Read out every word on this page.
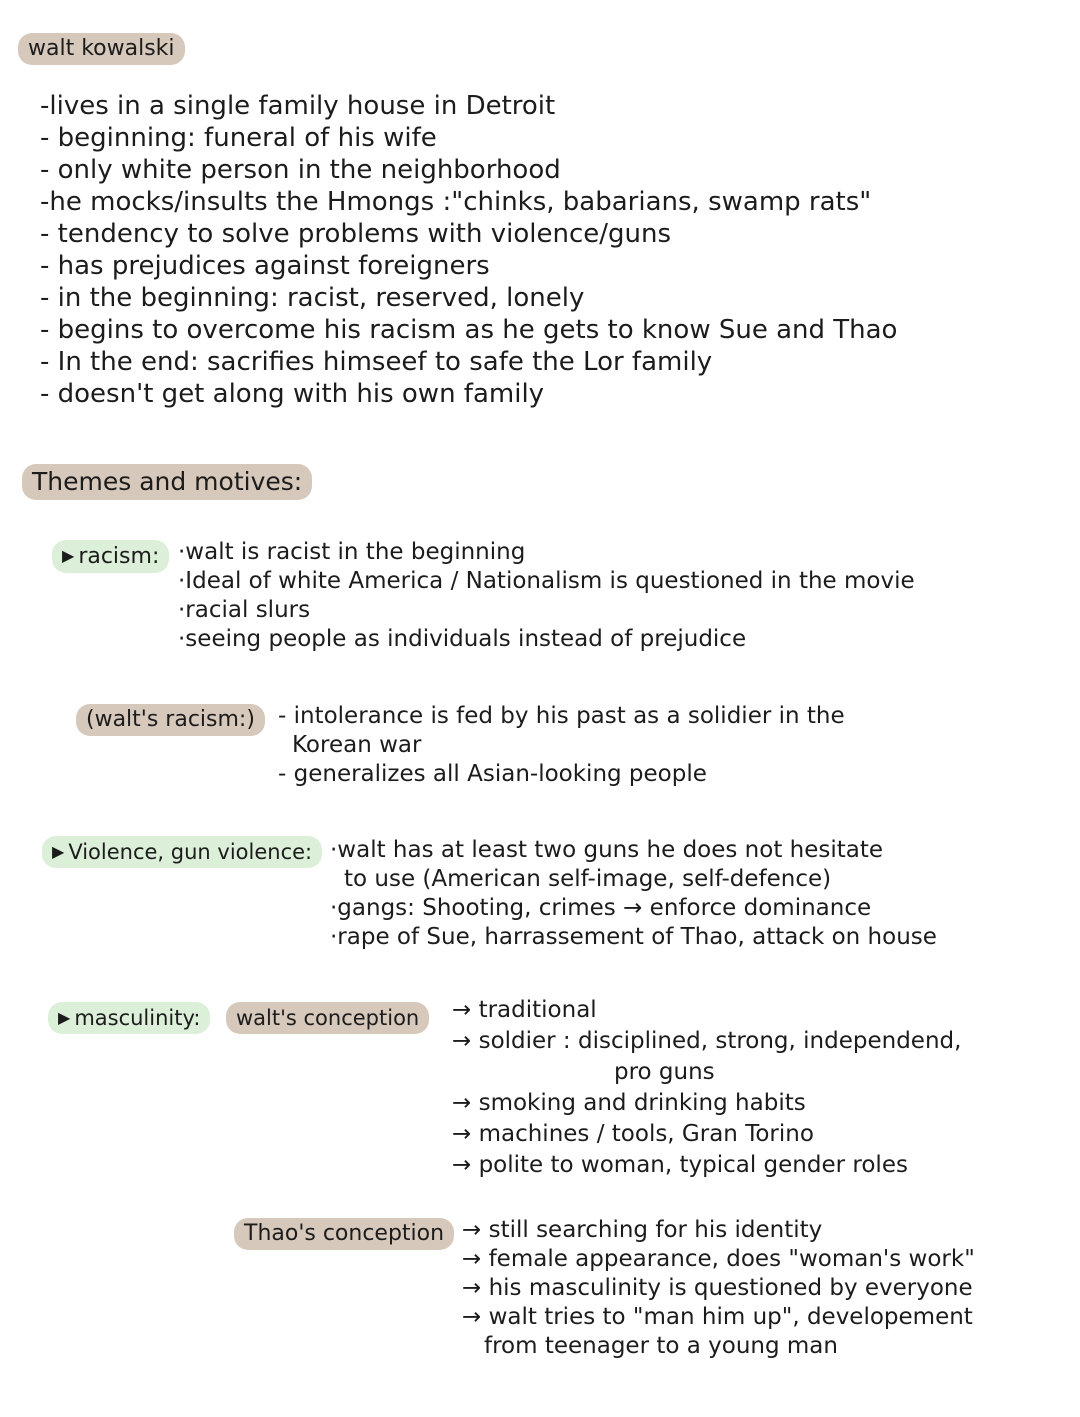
walt kowalski
-lives in a single family house in Detroit
- beginning: funeral of his wife
- only white person in the neighborhood
-he mocks/insults the Hmongs :"chinks, babarians, swamp rats"
- tendency to solve problems with violence/guns
- has prejudices against foreigners
- in the beginning: racist, reserved, lonely
- begins to overcome his racism as he gets to know Sue and Thao
- In the end: sacrifies himseef to safe the Lor family
- doesn't get along with his own family
Themes and motives:
▶ racism: ·walt is racist in the beginning
·Ideal of white America / Nationalism is questioned in the movie
·racial slurs
·seeing people as individuals instead of prejudice
(walt's racism:)	- intolerance is fed by his past as a solidier in the
Korean war
- generalizes all Asian-looking people
▶ Violence, gun violence: ·walt has at least two guns he does not hesitate
to use (American self-image, self-defence)
·gangs: Shooting, crimes → enforce dominance
·rape of Sue, harrassement of Thao, attack on house
▶ masculinity:	walt's conception	→ traditional
→ soldier : disciplined, strong, independend,
pro guns
→ smoking and drinking habits
→ machines / tools, Gran Torino
→ polite to woman, typical gender roles
Thao's conception → still searching for his identity
→ female appearance, does "woman's work"
→ his masculinity is questioned by everyone
→ walt tries to "man him up", developement
from teenager to a young man
